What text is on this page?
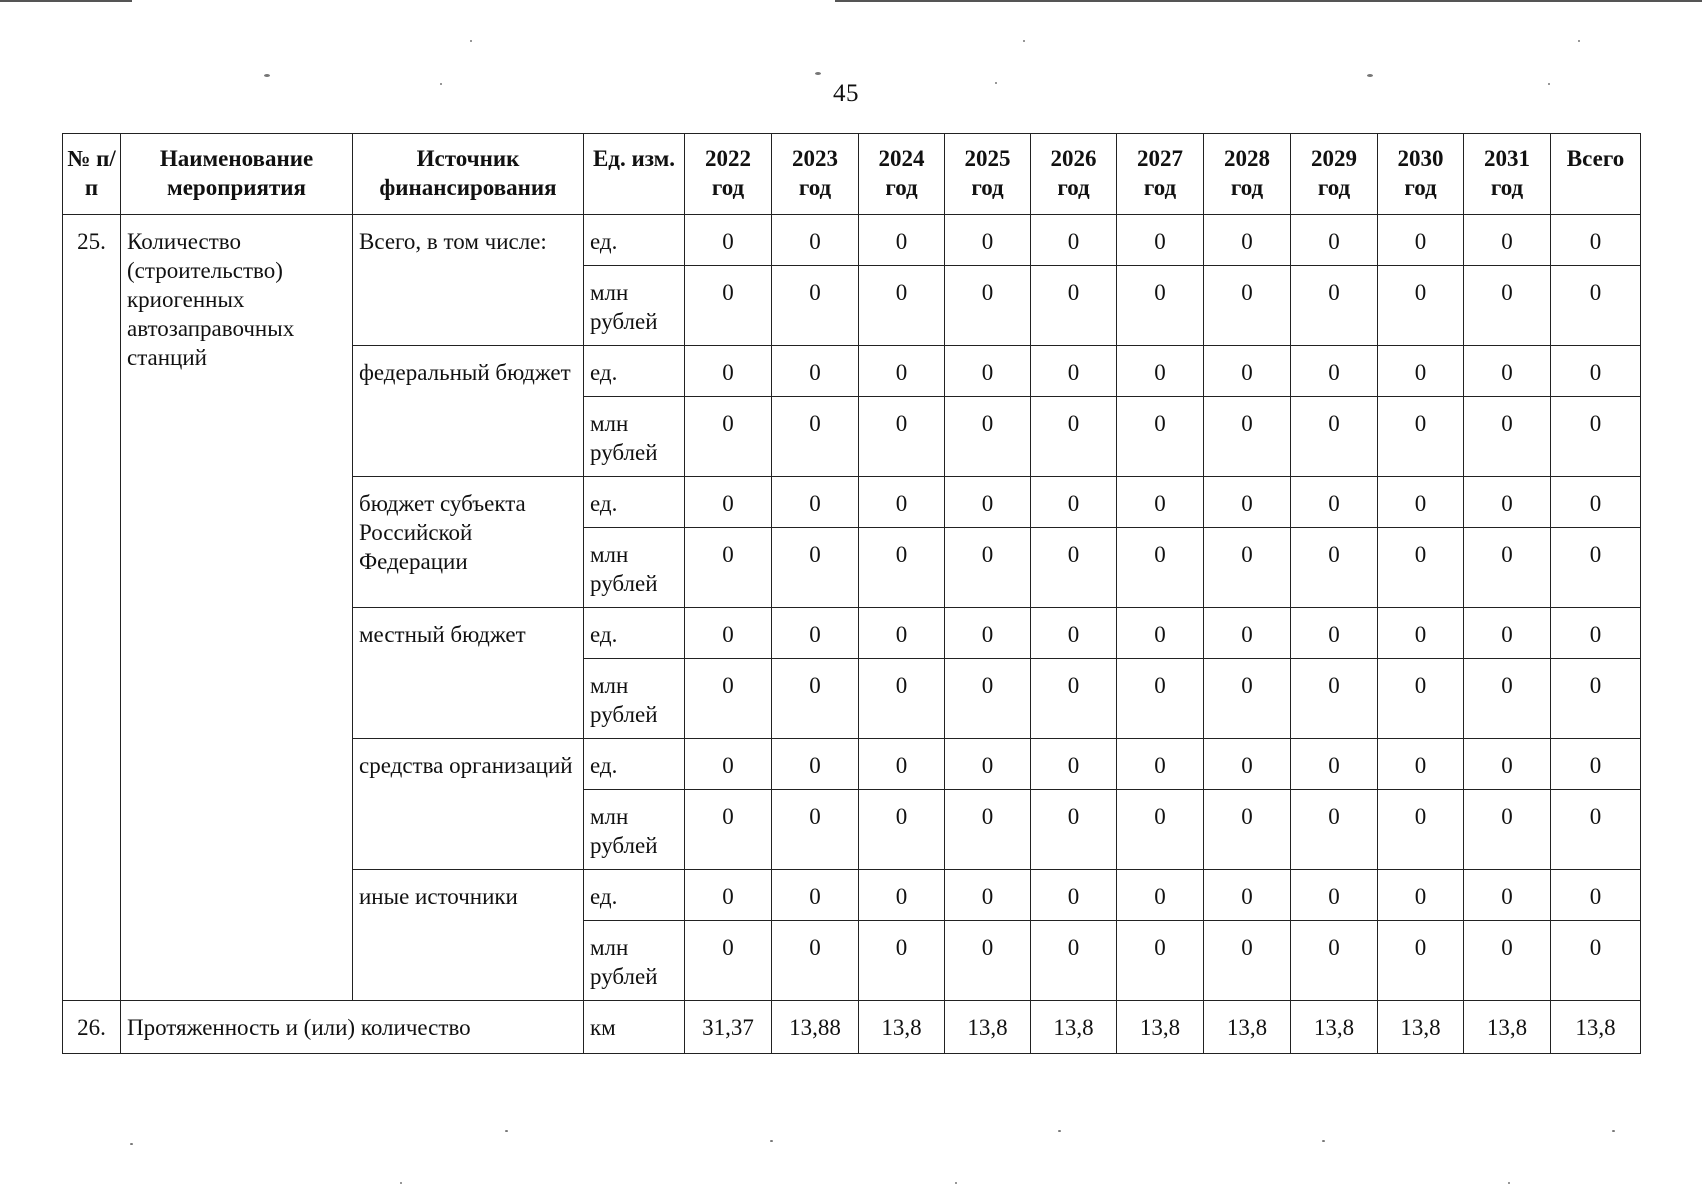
45
№ п/п	Наименование мероприятия	Источник финансирования	Ед. изм.	2022 год	2023 год	2024 год	2025 год	2026 год	2027 год	2028 год	2029 год	2030 год	2031 год	Всего
25.	Количество (строительство) криогенных автозаправочных станций	Всего, в том числе:	ед.	0	0	0	0	0	0	0	0	0	0	0
			млн рублей	0	0	0	0	0	0	0	0	0	0	0
		федеральный бюджет	ед.	0	0	0	0	0	0	0	0	0	0	0
			млн рублей	0	0	0	0	0	0	0	0	0	0	0
		бюджет субъекта Российской Федерации	ед.	0	0	0	0	0	0	0	0	0	0	0
			млн рублей	0	0	0	0	0	0	0	0	0	0	0
		местный бюджет	ед.	0	0	0	0	0	0	0	0	0	0	0
			млн рублей	0	0	0	0	0	0	0	0	0	0	0
		средства организаций	ед.	0	0	0	0	0	0	0	0	0	0	0
			млн рублей	0	0	0	0	0	0	0	0	0	0	0
		иные источники	ед.	0	0	0	0	0	0	0	0	0	0	0
			млн рублей	0	0	0	0	0	0	0	0	0	0	0
26.	Протяженность и (или) количество		км	31,37	13,88	13,8	13,8	13,8	13,8	13,8	13,8	13,8	13,8	13,8
